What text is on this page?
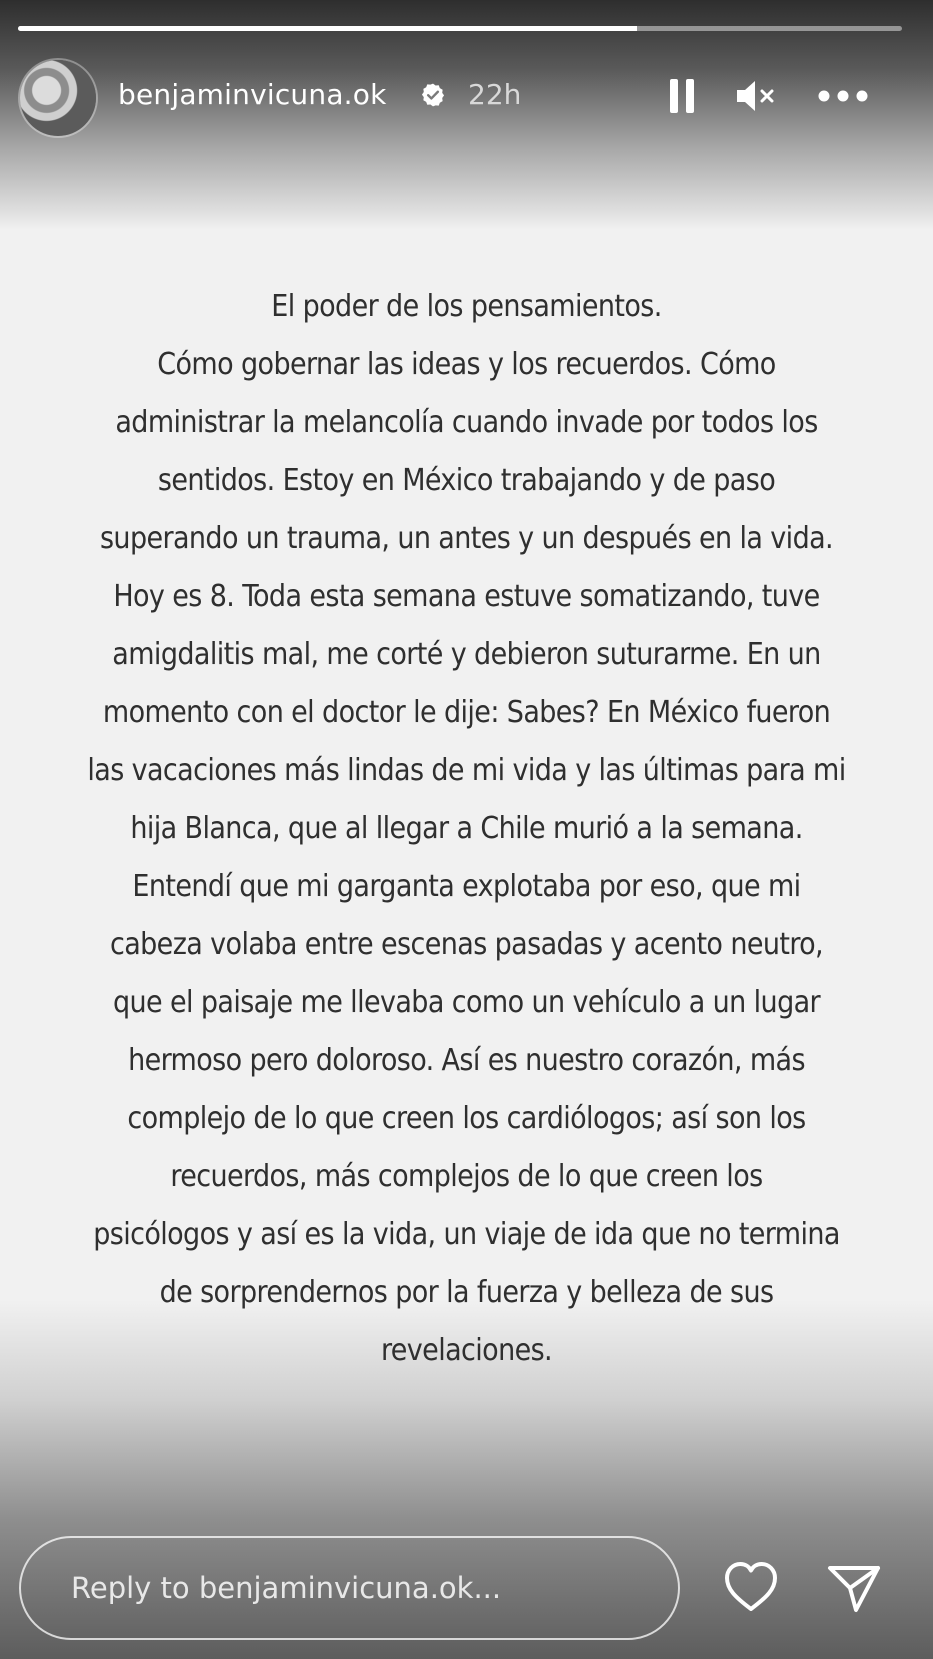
benjaminvicuna.ok	22h

El poder de los pensamientos.
Cómo gobernar las ideas y los recuerdos. Cómo
administrar la melancolía cuando invade por todos los
sentidos. Estoy en México trabajando y de paso
superando un trauma, un antes y un después en la vida.
Hoy es 8. Toda esta semana estuve somatizando, tuve
amigdalitis mal, me corté y debieron suturarme. En un
momento con el doctor le dije: Sabes? En México fueron
las vacaciones más lindas de mi vida y las últimas para mi
hija Blanca, que al llegar a Chile murió a la semana.
Entendí que mi garganta explotaba por eso, que mi
cabeza volaba entre escenas pasadas y acento neutro,
que el paisaje me llevaba como un vehículo a un lugar
hermoso pero doloroso. Así es nuestro corazón, más
complejo de lo que creen los cardiólogos; así son los
recuerdos, más complejos de lo que creen los
psicólogos y así es la vida, un viaje de ida que no termina
de sorprendernos por la fuerza y belleza de sus
revelaciones.

Reply to benjaminvicuna.ok...
